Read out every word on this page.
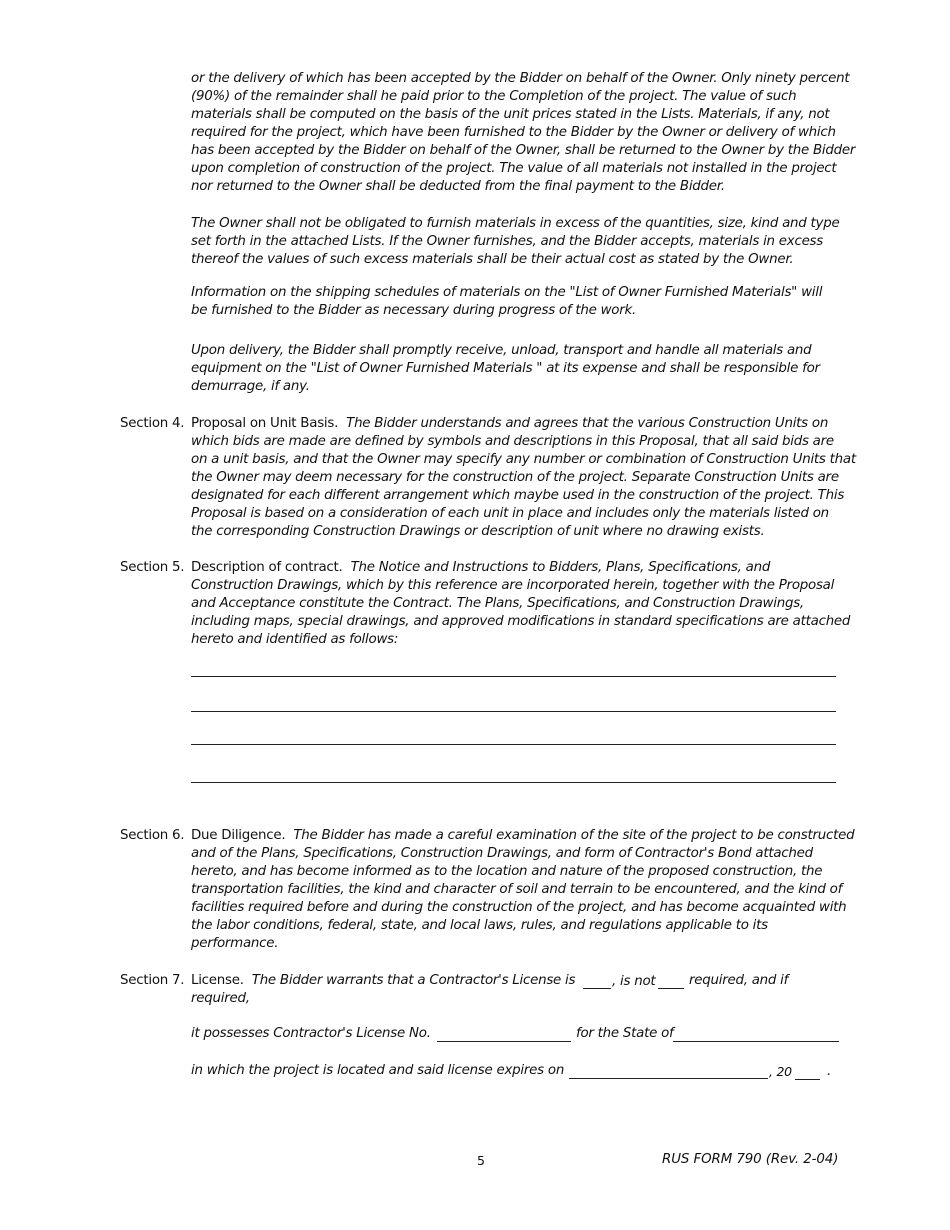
or the delivery of which has been accepted by the Bidder on behalf of the Owner. Only ninety percent
(90%) of the remainder shall he paid prior to the Completion of the project. The value of such
materials shall be computed on the basis of the unit prices stated in the Lists. Materials, if any, not
required for the project, which have been furnished to the Bidder by the Owner or delivery of which
has been accepted by the Bidder on behalf of the Owner, shall be returned to the Owner by the Bidder
upon completion of construction of the project. The value of all materials not installed in the project
nor returned to the Owner shall be deducted from the final payment to the Bidder.
The Owner shall not be obligated to furnish materials in excess of the quantities, size, kind and type
set forth in the attached Lists. If the Owner furnishes, and the Bidder accepts, materials in excess
thereof the values of such excess materials shall be their actual cost as stated by the Owner.
Information on the shipping schedules of materials on the "List of Owner Furnished Materials" will
be furnished to the Bidder as necessary during progress of the work.
Upon delivery, the Bidder shall promptly receive, unload, transport and handle all materials and
equipment on the "List of Owner Furnished Materials " at its expense and shall be responsible for
demurrage, if any.
Section 4. Proposal on Unit Basis. The Bidder understands and agrees that the various Construction Units on
which bids are made are defined by symbols and descriptions in this Proposal, that all said bids are
on a unit basis, and that the Owner may specify any number or combination of Construction Units that
the Owner may deem necessary for the construction of the project. Separate Construction Units are
designated for each different arrangement which maybe used in the construction of the project. This
Proposal is based on a consideration of each unit in place and includes only the materials listed on
the corresponding Construction Drawings or description of unit where no drawing exists.
Section 5. Description of contract. The Notice and Instructions to Bidders, Plans, Specifications, and
Construction Drawings, which by this reference are incorporated herein, together with the Proposal
and Acceptance constitute the Contract. The Plans, Specifications, and Construction Drawings,
including maps, special drawings, and approved modifications in standard specifications are attached
hereto and identified as follows:
Section 6. Due Diligence. The Bidder has made a careful examination of the site of the project to be constructed
and of the Plans, Specifications, Construction Drawings, and form of Contractor's Bond attached
hereto, and has become informed as to the location and nature of the proposed construction, the
transportation facilities, the kind and character of soil and terrain to be encountered, and the kind of
facilities required before and during the construction of the project, and has become acquainted with
the labor conditions, federal, state, and local laws, rules, and regulations applicable to its
performance.
Section 7. License. The Bidder warrants that a Contractor's License is	, is not	required, and if
required,
it possesses Contractor's License No.	for the State of
in which the project is located and said license expires on	, 20	.
5	RUS FORM 790 (Rev. 2-04)
